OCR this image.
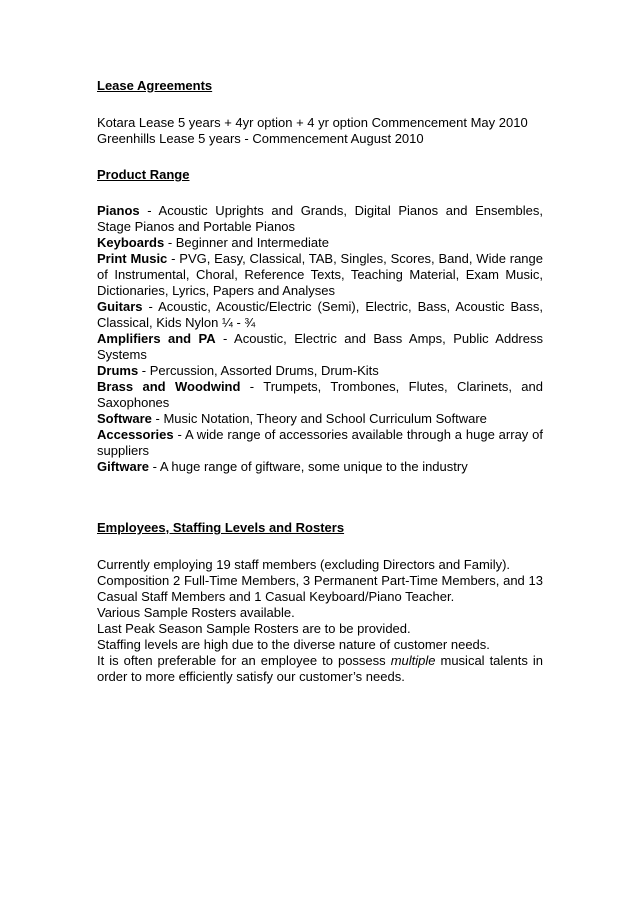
Lease Agreements

Kotara Lease 5 years + 4yr option + 4 yr option Commencement May 2010

Greenhills Lease 5 years - Commencement August 2010

Product Range

Pianos - Acoustic Uprights and Grands, Digital Pianos and Ensembles, Stage Pianos and Portable Pianos

Keyboards - Beginner and Intermediate

Print Music - PVG, Easy, Classical, TAB, Singles, Scores, Band, Wide range of Instrumental, Choral, Reference Texts, Teaching Material, Exam Music, Dictionaries, Lyrics, Papers and Analyses

Guitars - Acoustic, Acoustic/Electric (Semi), Electric, Bass, Acoustic Bass, Classical, Kids Nylon ¼ - ¾

Amplifiers and PA - Acoustic, Electric and Bass Amps, Public Address Systems

Drums - Percussion, Assorted Drums, Drum-Kits

Brass and Woodwind - Trumpets, Trombones, Flutes, Clarinets, and Saxophones

Software - Music Notation, Theory and School Curriculum Software

Accessories - A wide range of accessories available through a huge array of suppliers

Giftware - A huge range of giftware, some unique to the industry

Employees, Staffing Levels and Rosters

Currently employing 19 staff members (excluding Directors and Family).

Composition 2 Full-Time Members, 3 Permanent Part-Time Members, and 13 Casual Staff Members and 1 Casual Keyboard/Piano Teacher.

Various Sample Rosters available.

Last Peak Season Sample Rosters are to be provided.

Staffing levels are high due to the diverse nature of customer needs.

It is often preferable for an employee to possess multiple musical talents in order to more efficiently satisfy our customer’s needs.
